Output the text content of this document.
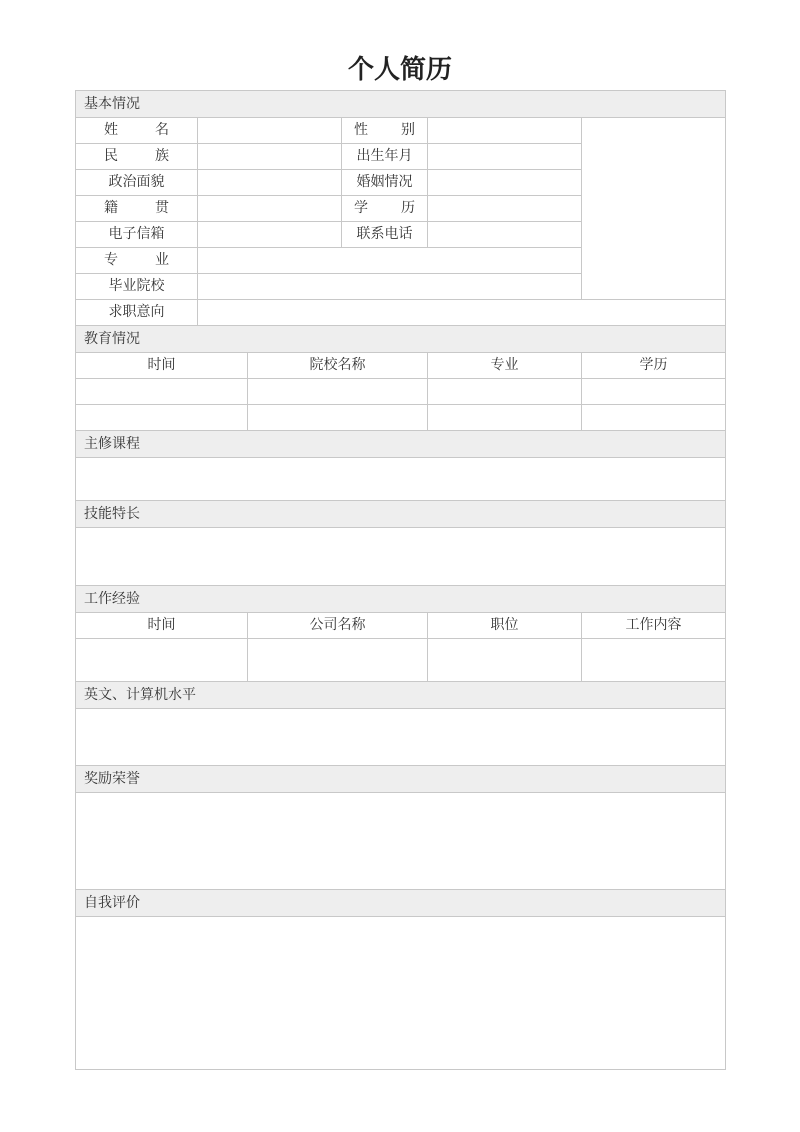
个人简历
基本情况					

姓 名			性 别		

民 族			出生年月		
政治面貌			婚姻情况		

籍 贯			学 历		

电子信箱			联系电话		

专 业					

毕业院校					
求职意向					
教育情况					
时间		院校名称		专业	学历

主修课程					

技能特长					

工作经验					
时间		公司名称		职位	工作内容

英文、计算机水平					

奖励荣誉					

自我评价					
